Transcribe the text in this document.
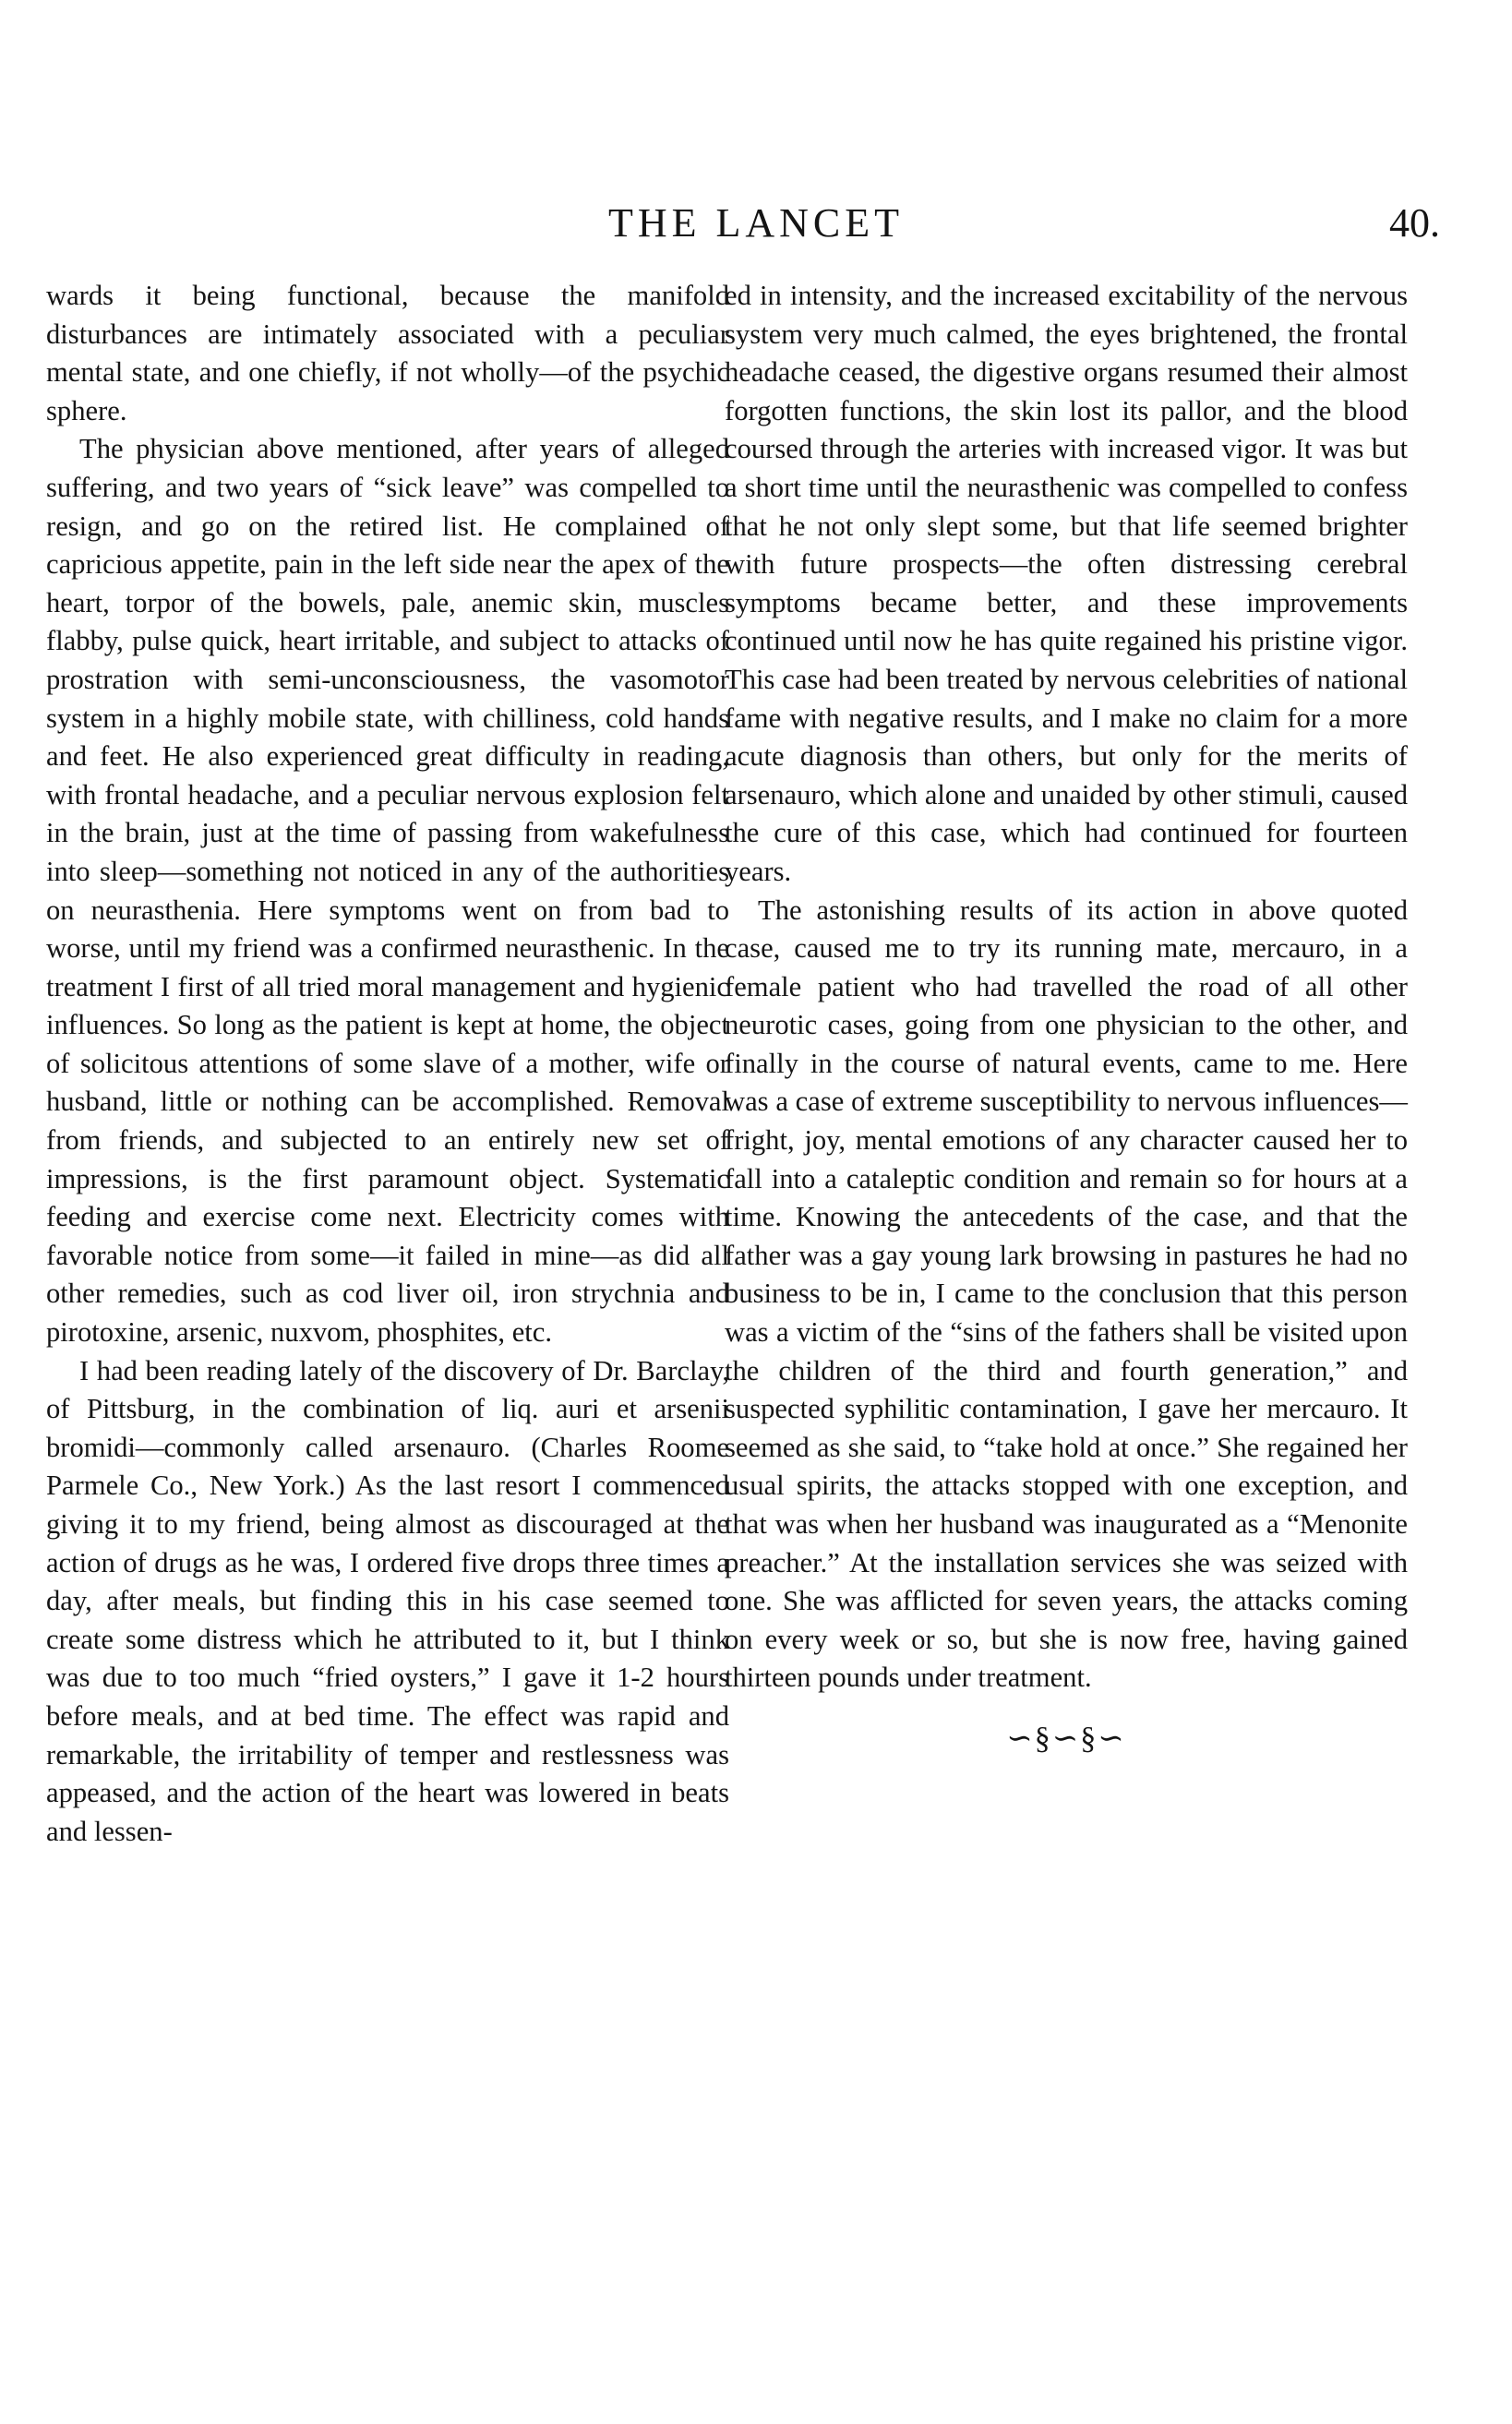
THE LANCET	40.

wards it being functional, because the manifold disturbances are intimately associated with a peculiar mental state, and one chiefly, if not wholly—of the psychic sphere.

The physician above mentioned, after years of alleged suffering, and two years of “sick leave” was compelled to resign, and go on the retired list. He complained of capricious appetite, pain in the left side near the apex of the heart, torpor of the bowels, pale, anemic skin, muscles flabby, pulse quick, heart irritable, and subject to attacks of prostration with semi-unconsciousness, the vasomotor system in a highly mobile state, with chilliness, cold hands and feet. He also experienced great difficulty in reading, with frontal headache, and a peculiar nervous explosion felt in the brain, just at the time of passing from wakefulness into sleep—something not noticed in any of the authorities on neurasthenia. Here symptoms went on from bad to worse, until my friend was a confirmed neurasthenic. In the treatment I first of all tried moral management and hygienic influences. So long as the patient is kept at home, the object of solicitous attentions of some slave of a mother, wife or husband, little or nothing can be accomplished. Removal from friends, and subjected to an entirely new set of impressions, is the first paramount object. Systematic feeding and exercise come next. Electricity comes with favorable notice from some—it failed in mine—as did all other remedies, such as cod liver oil, iron strychnia and pirotoxine, arsenic, nuxvom, phosphites, etc.

I had been reading lately of the discovery of Dr. Barclay, of Pittsburg, in the combination of liq. auri et arsenii bromidi—commonly called arsenauro. (Charles Roome Parmele Co., New York.) As the last resort I commenced giving it to my friend, being almost as discouraged at the action of drugs as he was, I ordered five drops three times a day, after meals, but finding this in his case seemed to create some distress which he attributed to it, but I think was due to too much “fried oysters,” I gave it 1-2 hours before meals, and at bed time. The effect was rapid and remarkable, the irritability of temper and restlessness was appeased, and the action of the heart was lowered in beats and lessen-

ed in intensity, and the increased excitability of the nervous system very much calmed, the eyes brightened, the frontal headache ceased, the digestive organs resumed their almost forgotten functions, the skin lost its pallor, and the blood coursed through the arteries with increased vigor. It was but a short time until the neurasthenic was compelled to confess that he not only slept some, but that life seemed brighter with future prospects—the often distressing cerebral symptoms became better, and these improvements continued until now he has quite regained his pristine vigor. This case had been treated by nervous celebrities of national fame with negative results, and I make no claim for a more acute diagnosis than others, but only for the merits of arsenauro, which alone and unaided by other stimuli, caused the cure of this case, which had continued for fourteen years.

The astonishing results of its action in above quoted case, caused me to try its running mate, mercauro, in a female patient who had travelled the road of all other neurotic cases, going from one physician to the other, and finally in the course of natural events, came to me. Here was a case of extreme susceptibility to nervous influences—fright, joy, mental emotions of any character caused her to fall into a cataleptic condition and remain so for hours at a time. Knowing the antecedents of the case, and that the father was a gay young lark browsing in pastures he had no business to be in, I came to the conclusion that this person was a victim of the “sins of the fathers shall be visited upon the children of the third and fourth generation,” and suspected syphilitic contamination, I gave her mercauro. It seemed as she said, to “take hold at once.” She regained her usual spirits, the attacks stopped with one exception, and that was when her husband was inaugurated as a “Menonite preacher.” At the installation services she was seized with one. She was afflicted for seven years, the attacks coming on every week or so, but she is now free, having gained thirteen pounds under treatment.

∽§∽§∽
